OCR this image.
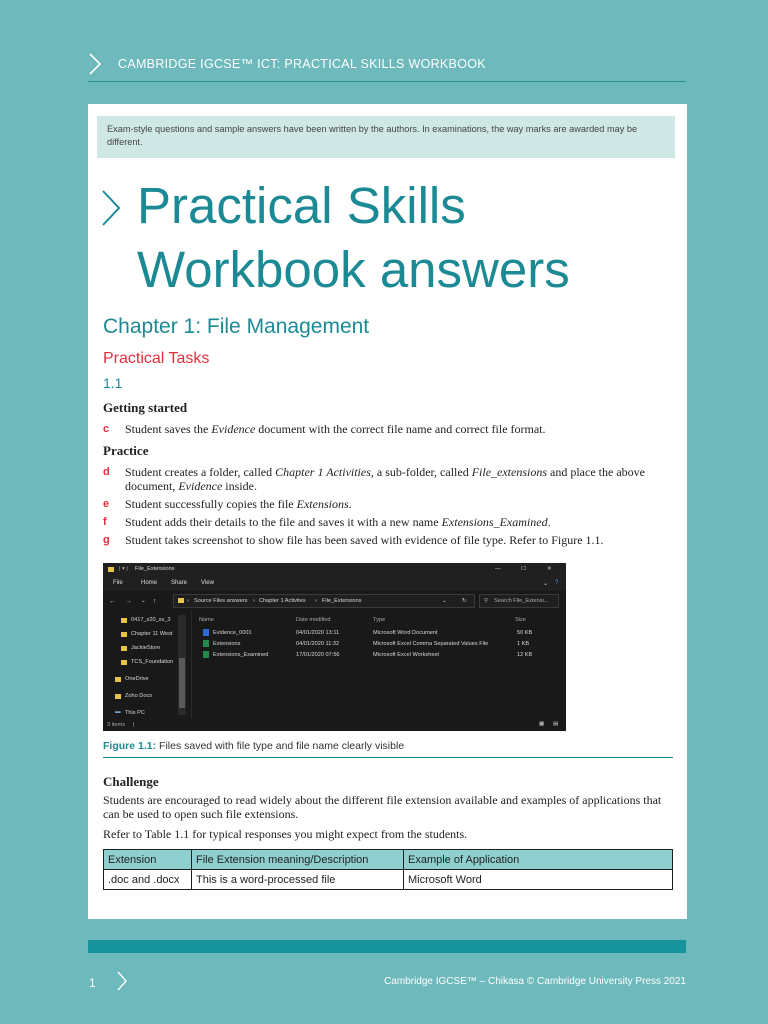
CAMBRIDGE IGCSE™ ICT: PRACTICAL SKILLS WORKBOOK
Exam-style questions and sample answers have been written by the authors. In examinations, the way marks are awarded may be different.
Practical Skills
Workbook answers
Chapter 1: File Management
Practical Tasks
1.1
Getting started
c Student saves the Evidence document with the correct file name and correct file format.
Practice
d Student creates a folder, called Chapter 1 Activities, a sub-folder, called File_extensions and place the above document, Evidence inside.
e Student successfully copies the file Extensions.
f Student adds their details to the file and saves it with a new name Extensions_Examined.
g Student takes screenshot to show file has been saved with evidence of file type. Refer to Figure 1.1.
| ▾ | File_Extensions	—	☐	✕
File	Home Share View	⌄ ?
← → ⌄ ↑	› Source Files answers › Chapter 1 Activites › File_Extensions	⌄	↻	⚲ Search File_Extensi...
0417_s20_ss_3
Chapter 11 West
JackieStore
TCS_Foundation
OneDrive
Zoho Docs
▬ This PC
Name	Date modified	Type	Size
Evidence_0001	04/01/2020 13:11	Microsoft Word Document	50 KB
Extensions	04/01/2020 11:32	Microsoft Excel Comma Separated Values File	1 KB
Extensions_Examined	17/01/2020 07:56	Microsoft Excel Worksheet	12 KB
3 items |	▦ ▤
Figure 1.1: Files saved with file type and file name clearly visible
Challenge
Students are encouraged to read widely about the different file extension available and examples of applications that can be used to open such file extensions.
Refer to Table 1.1 for typical responses you might expect from the students.
Extension	File Extension meaning/Description	Example of Application
.doc and .docx	This is a word-processed file	Microsoft Word
1	Cambridge IGCSE™ – Chikasa © Cambridge University Press 2021
